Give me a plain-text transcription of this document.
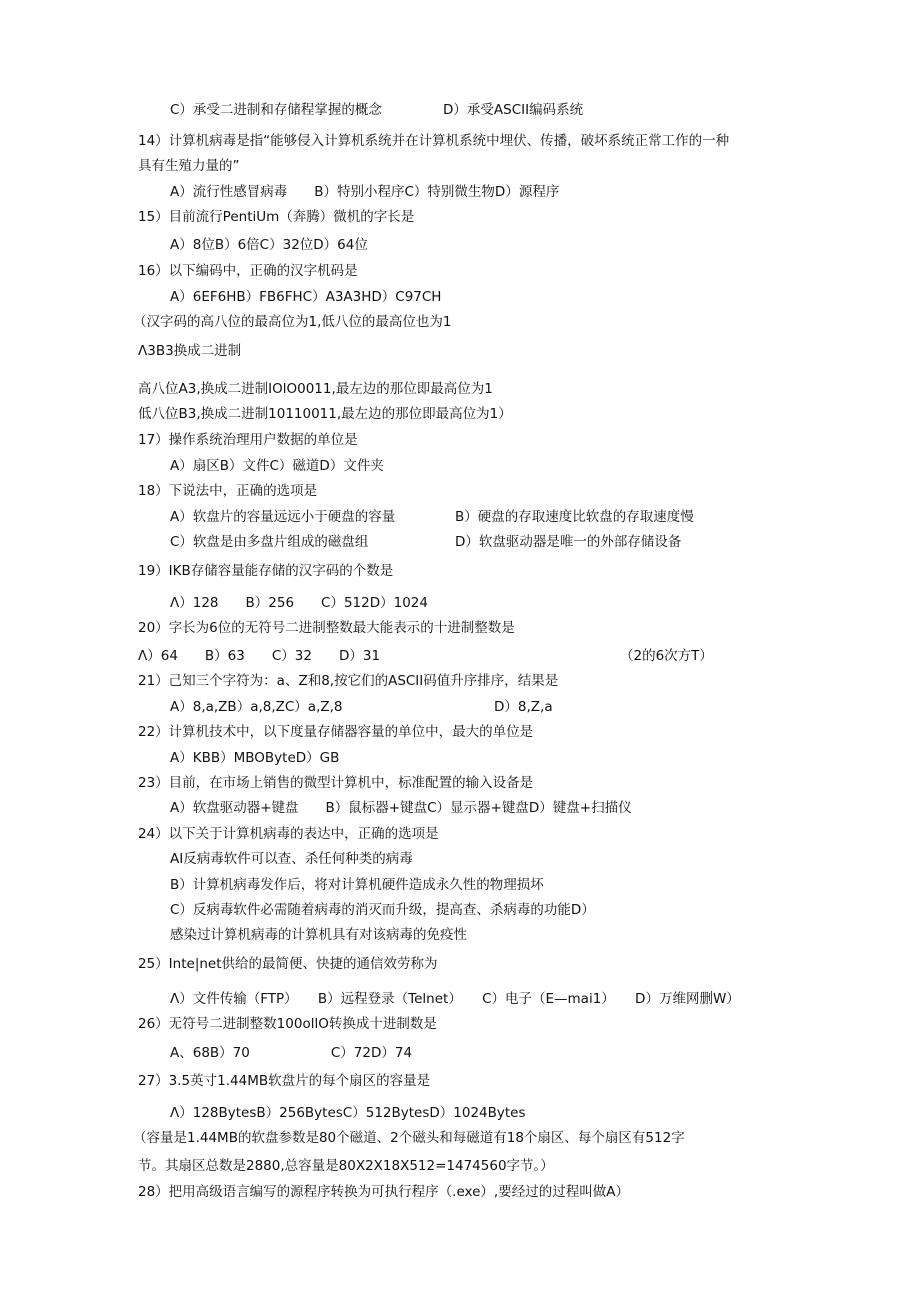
C）承受二进制和存储程掌握的概念	D）承受ASCII编码系统
14）计算机病毒是指“能够侵入计算机系统并在计算机系统中埋伏、传播，破坏系统正常工作的一种
具有生殖力量的”
A）流行性感冒病毒　　B）特别小程序C）特别微生物D）源程序
15）目前流行PentiUm（奔腾）微机的字长是
A）8位B）6倍C）32位D）64位
16）以下编码中，正确的汉字机码是
A）6EF6HB）FB6FHC）A3A3HD）C97CH
（汉字码的高八位的最高位为1,低八位的最高位也为1
Λ3B3换成二进制
高八位A3,换成二进制IOlO0011,最左边的那位即最高位为1
低八位B3,换成二进制10110011,最左边的那位即最高位为1）
17）操作系统治理用户数据的单位是
A）扇区B）文件C）磁道D）文件夹
18）下说法中，正确的选项是
A）软盘片的容量远远小于硬盘的容量	B）硬盘的存取速度比软盘的存取速度慢
C）软盘是由多盘片组成的磁盘组	D）软盘驱动器是唯一的外部存储设备
19）IKB存储容量能存储的汉字码的个数是
Λ）128　　B）256　　C）512D）1024
20）字长为6位的无符号二进制整数最大能表示的十进制整数是
Λ）64　　B）63　　C）32　　D）31	（2的6次方T）
21）己知三个字符为：a、Z和8,按它们的ASCII码值升序排序，结果是
A）8,a,ZB）a,8,ZC）a,Z,8	D）8,Z,a
22）计算机技术中，以下度量存储器容量的单位中，最大的单位是
A）KBB）MBOByteD）GB
23）目前，在市场上销售的微型计算机中，标准配置的输入设备是
A）软盘驱动器+键盘　　B）鼠标器+键盘C）显示器+键盘D）键盘+扫描仪
24）以下关于计算机病毒的表达中，正确的选项是
AI反病毒软件可以查、杀任何种类的病毒
B）计算机病毒发作后，将对计算机硬件造成永久性的物理损坏
C）反病毒软件必需随着病毒的消灭而升级，提高查、杀病毒的功能D）
感染过计算机病毒的计算机具有对该病毒的免疫性
25）Inte|net供给的最简便、快捷的通信效劳称为
Λ）文件传输（FTP）　　B）远程登录（Telnet）　　C）电子（E—mai1）　　D）万维网删W）
26）无符号二进制整数100ollO转换成十进制数是
A、68B）70　　　　　　C）72D）74
27）3.5英寸1.44MB软盘片的每个扇区的容量是
Λ）128BytesB）256BytesC）512BytesD）1024Bytes
（容量是1.44MB的软盘参数是80个磁道、2个磁头和每磁道有18个扇区、每个扇区有512字
节。其扇区总数是2880,总容量是80X2X18X512=1474560字节。）
28）把用高级语言编写的源程序转换为可执行程序（.exe）,要经过的过程叫做A）
